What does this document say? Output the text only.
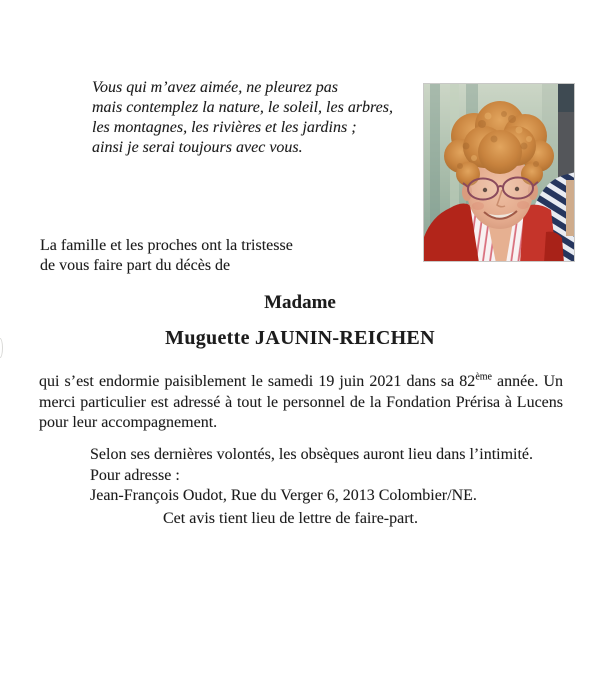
Vous qui m’avez aimée, ne pleurez pas
mais contemplez la nature, le soleil, les arbres,
les montagnes, les rivières et les jardins ;
ainsi je serai toujours avec vous.
La famille et les proches ont la tristesse
de vous faire part du décès de
Madame
Muguette JAUNIN-REICHEN
qui s’est endormie paisiblement le samedi 19 juin 2021 dans sa 82ème année. Un merci particulier est adressé à tout le personnel de la Fondation Prérisa à Lucens pour leur accompagnement.
Selon ses dernières volontés, les obsèques auront lieu dans l’intimité.
Pour adresse :
Jean-François Oudot, Rue du Verger 6, 2013 Colombier/NE.
Cet avis tient lieu de lettre de faire-part.
